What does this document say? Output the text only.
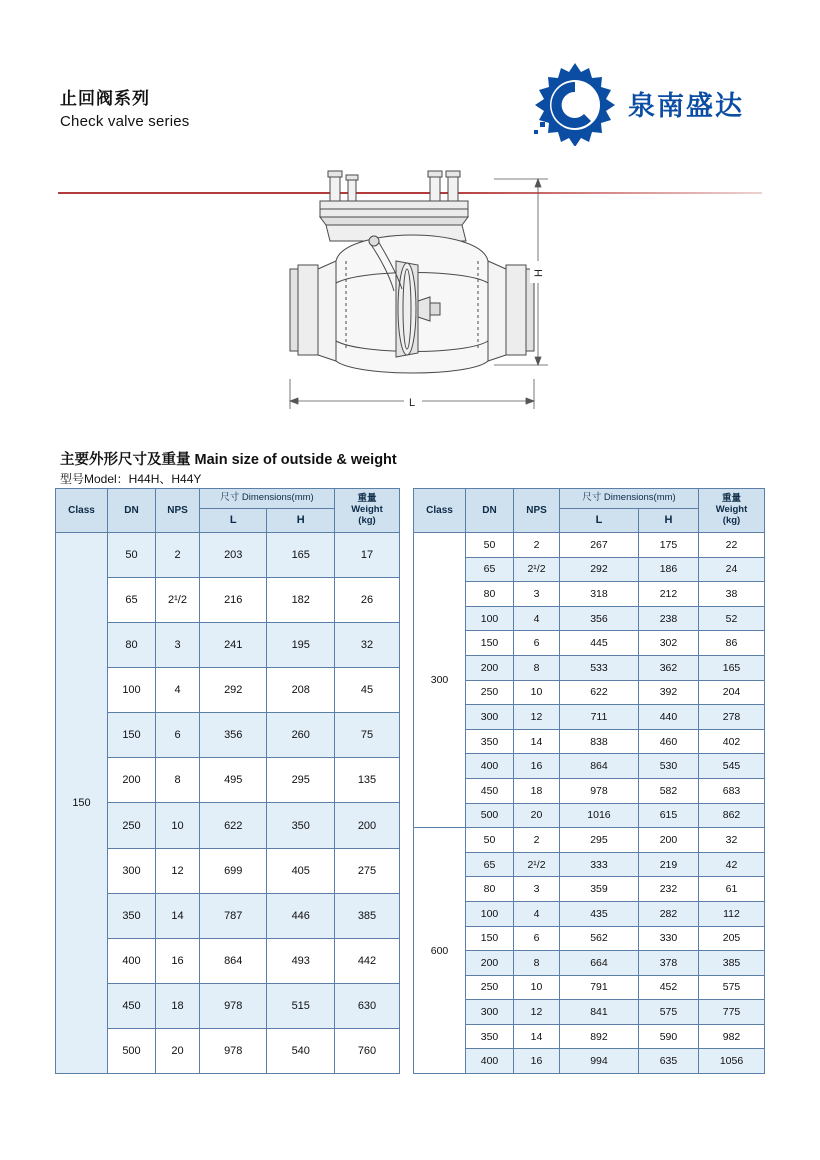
止回阀系列
Check valve series	泉南盛达
H
L
主要外形尺寸及重量 Main size of outside & weight
型号Model：H44H、H44Y
Class	DN	NPS	尺寸 Dimensions(mm)		重量
Weight
(kg)
			L	H	
150	50	2	203	165	17
	65	2¹/2	216	182	26
	80	3	241	195	32
	100	4	292	208	45
	150	6	356	260	75
	200	8	495	295	135
	250	10	622	350	200
	300	12	699	405	275
	350	14	787	446	385
	400	16	864	493	442
	450	18	978	515	630
	500	20	978	540	760
Class	DN	NPS	尺寸 Dimensions(mm)		重量
Weight
(kg)
			L	H	
300	50	2	267	175	22
	65	2¹/2	292	186	24
	80	3	318	212	38
	100	4	356	238	52
	150	6	445	302	86
	200	8	533	362	165
	250	10	622	392	204
	300	12	711	440	278
	350	14	838	460	402
	400	16	864	530	545
	450	18	978	582	683
	500	20	1016	615	862
600	50	2	295	200	32
	65	2¹/2	333	219	42
	80	3	359	232	61
	100	4	435	282	112
	150	6	562	330	205
	200	8	664	378	385
	250	10	791	452	575
	300	12	841	575	775
	350	14	892	590	982
	400	16	994	635	1056
